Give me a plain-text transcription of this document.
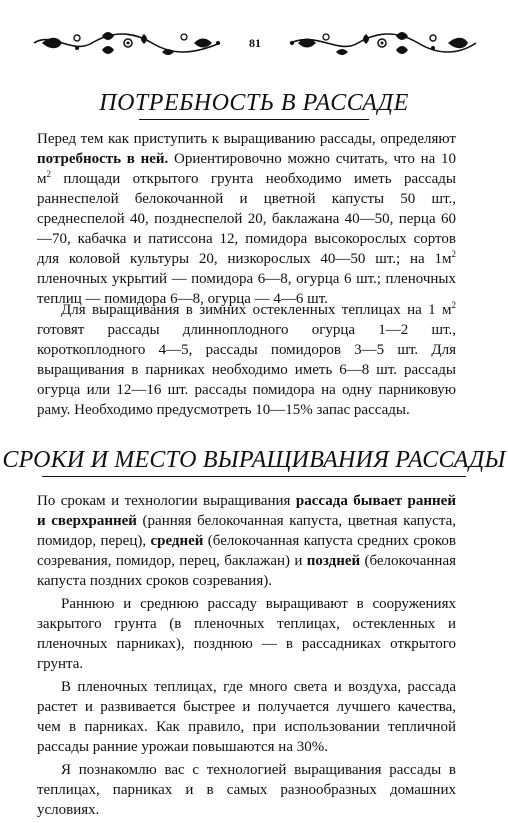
81
ПОТРЕБНОСТЬ В РАССАДЕ

Перед тем как приступить к выращиванию рассады, определяют потребность в ней. Ориентировочно можно считать, что на 10 $м^2$ площади открытого грунта необходимо иметь рассады раннеспелой белокочанной и цветной капусты 50 шт., среднеспелой 40, позднеспелой 20, баклажана 40—50, перца 60—70, кабачка и патиссона 12, помидора высокорослых сортов для коловой культуры 20, низкорослых 40—50 шт.; на $1м^2$ пленочных укрытий — помидора 6—8, огурца 6 шт.; пленочных теплиц — помидора 6—8, огурца — 4—6 шт.

Для выращивания в зимних остекленных теплицах на 1 $м^2$ готовят рассады длинноплодного огурца 1—2 шт., короткоплодного 4—5, рассады помидоров 3—5 шт. Для выращивания в парниках необходимо иметь 6—8 шт. рассады огурца или 12—16 шт. рассады помидора на одну парниковую раму. Необходимо предусмотреть 10—15% запас рассады.

СРОКИ И МЕСТО ВЫРАЩИВАНИЯ РАССАДЫ

По срокам и технологии выращивания рассада бывает ранней и сверхранней (ранняя белокочанная капуста, цветная капуста, помидор, перец), средней (белокочанная капуста средних сроков созревания, помидор, перец, баклажан) и поздней (белокочанная капуста поздних сроков созревания).

Раннюю и среднюю рассаду выращивают в сооружениях закрытого грунта (в пленочных теплицах, остекленных и пленочных парниках), позднюю — в рассадниках открытого грунта.

В пленочных теплицах, где много света и воздуха, рассада растет и развивается быстрее и получается лучшего качества, чем в парниках. Как правило, при использовании тепличной рассады ранние урожаи повышаются на 30%.

Я познакомлю вас с технологией выращивания рассады в теплицах, парниках и в самых разнообразных домашних условиях.
